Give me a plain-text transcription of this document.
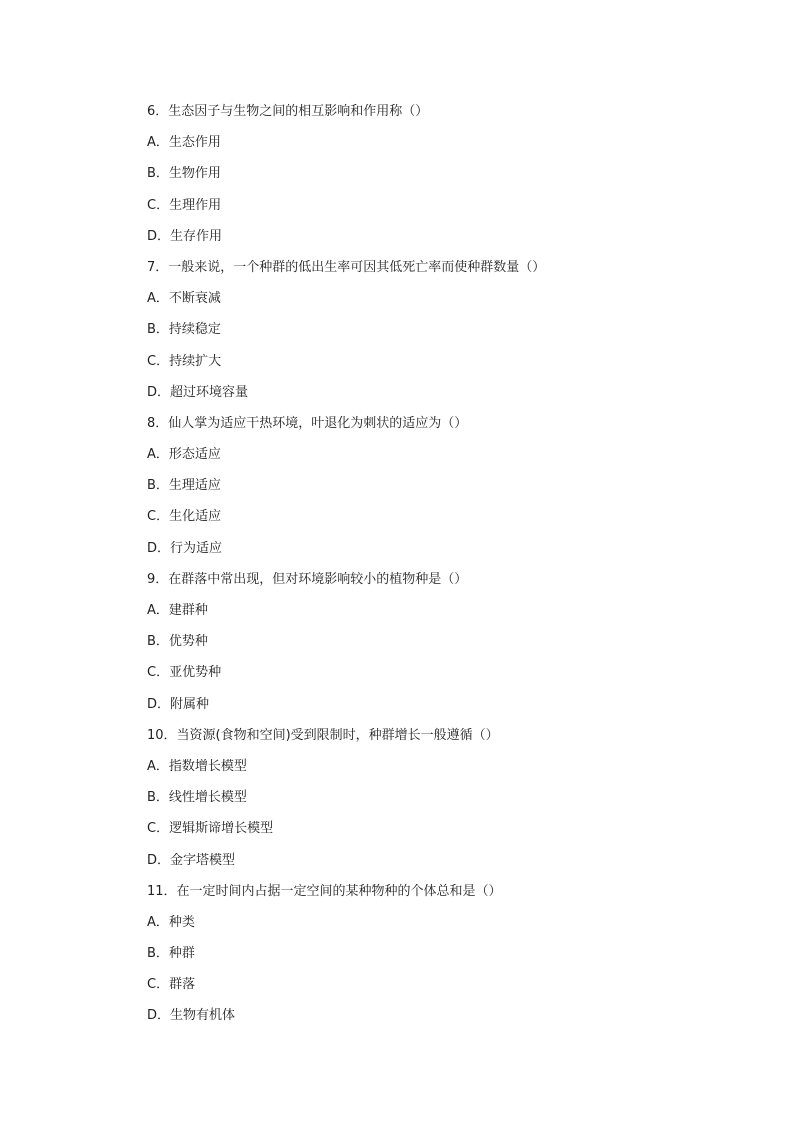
6．生态因子与生物之间的相互影响和作用称（）
A．生态作用
B．生物作用
C．生理作用
D．生存作用
7．一般来说，一个种群的低出生率可因其低死亡率而使种群数量（）
A．不断衰减
B．持续稳定
C．持续扩大
D．超过环境容量
8．仙人掌为适应干热环境，叶退化为刺状的适应为（）
A．形态适应
B．生理适应
C．生化适应
D．行为适应
9．在群落中常出现，但对环境影响较小的植物种是（）
A．建群种
B．优势种
C．亚优势种
D．附属种
10．当资源(食物和空间)受到限制时，种群增长一般遵循（）
A．指数增长模型
B．线性增长模型
C．逻辑斯谛增长模型
D．金字塔模型
11．在一定时间内占据一定空间的某种物种的个体总和是（）
A．种类
B．种群
C．群落
D．生物有机体
